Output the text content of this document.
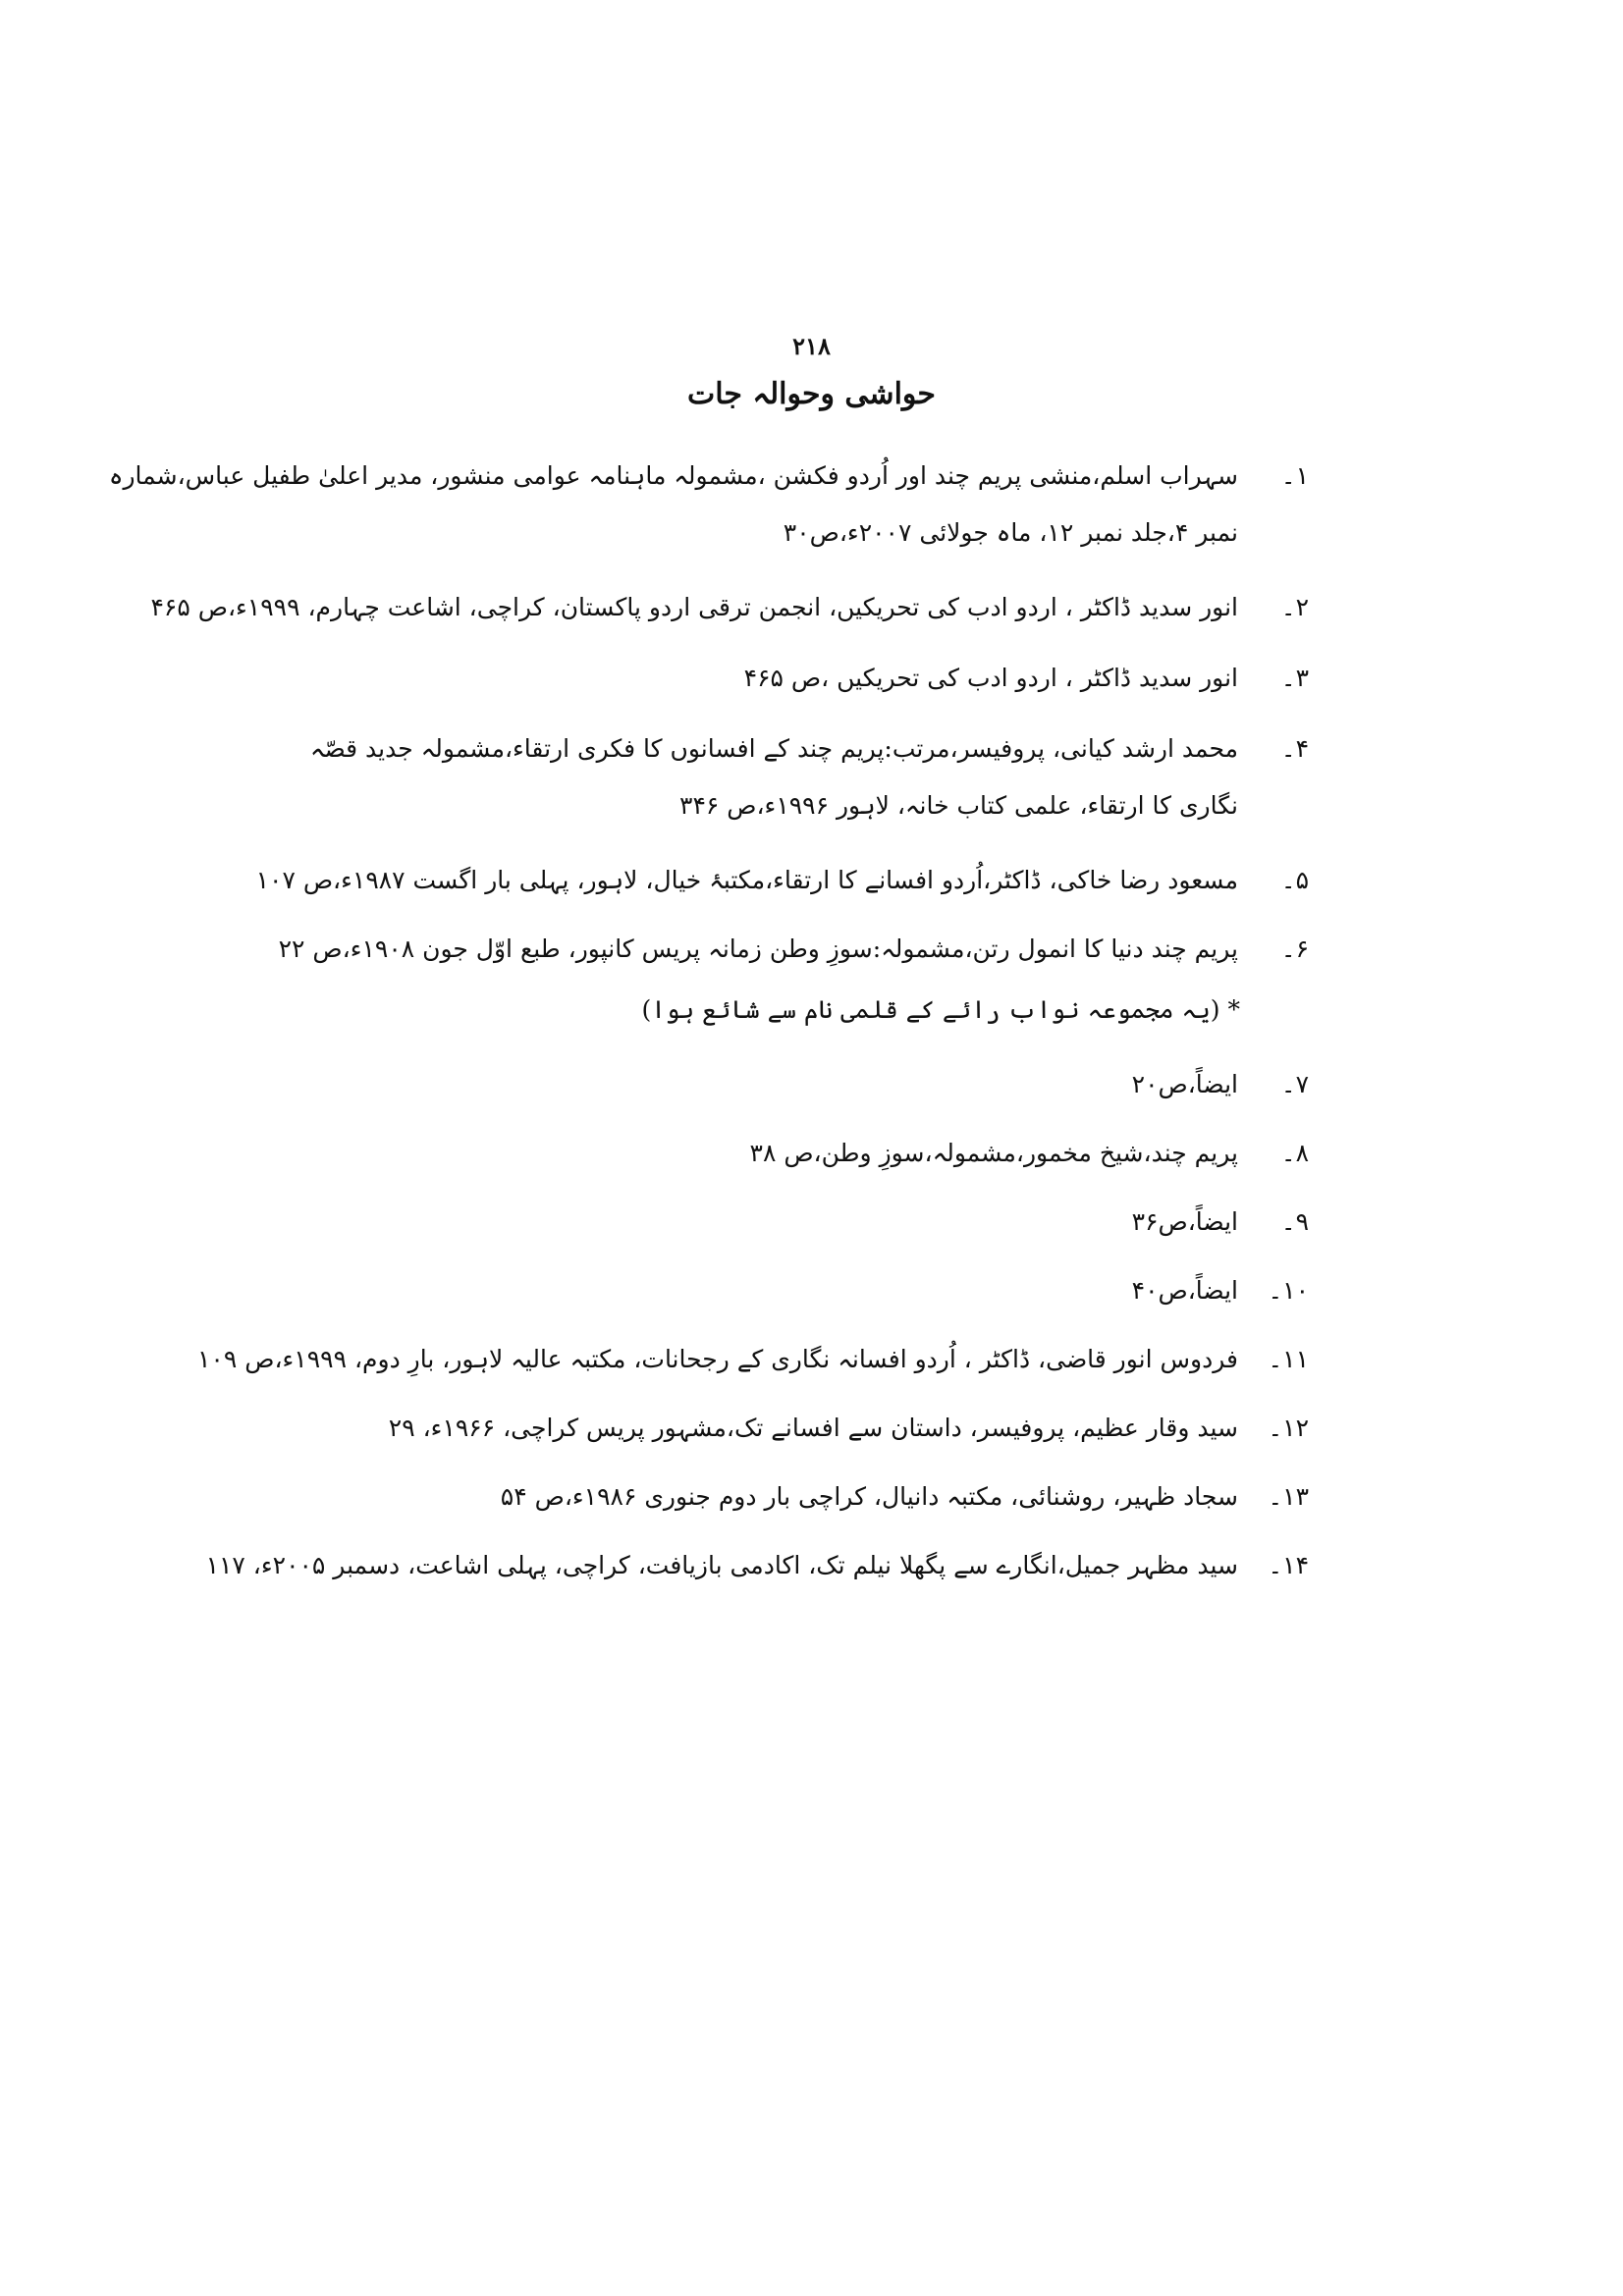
۲۱۸
حواشی وحوالہ جات
۱۔سہراب اسلم،منشی پریم چند اور اُردو فکشن ،مشمولہ ماہنامہ عوامی منشور، مدیر اعلیٰ طفیل عباس،شمارہ
نمبر ۴،جلد نمبر ۱۲، ماہ جولائی ۲۰۰۷ء،ص۳۰
۲۔انور سدید ڈاکٹر ، اردو ادب کی تحریکیں، انجمن ترقی اردو پاکستان، کراچی، اشاعت چہارم، ۱۹۹۹ء،ص ۴۶۵
۳۔انور سدید ڈاکٹر ، اردو ادب کی تحریکیں ،ص ۴۶۵
۴۔محمد ارشد کیانی، پروفیسر،مرتب:پریم چند کے افسانوں کا فکری ارتقاء،مشمولہ جدید قصّہ
نگاری کا ارتقاء، علمی کتاب خانہ، لاہور ۱۹۹۶ء،ص ۳۴۶
۵۔مسعود رضا خاکی، ڈاکٹر،اُردو افسانے کا ارتقاء،مکتبۂ خیال، لاہور، پہلی بار اگست ۱۹۸۷ء،ص ۱۰۷
۶۔پریم چند دنیا کا انمول رتن،مشمولہ:سوزِ وطن زمانہ پریس کانپور، طبع اوّل جون ۱۹۰۸ء،ص ۲۲
* (یہ مجموعہ نواب رائے کے قلمی نام سے شائع ہوا)
۷۔ایضاً،ص۲۰
۸۔پریم چند،شیخ مخمور،مشمولہ،سوزِ وطن،ص ۳۸
۹۔ایضاً،ص۳۶
۱۰۔ایضاً،ص۴۰
۱۱۔فردوس انور قاضی، ڈاکٹر ، اُردو افسانہ نگاری کے رجحانات، مکتبہ عالیہ لاہور، بارِ دوم، ۱۹۹۹ء،ص ۱۰۹
۱۲۔سید وقار عظیم، پروفیسر، داستان سے افسانے تک،مشہور پریس کراچی، ۱۹۶۶ء، ۲۹
۱۳۔سجاد ظہیر، روشنائی، مکتبہ دانیال، کراچی بار دوم جنوری ۱۹۸۶ء،ص ۵۴
۱۴۔سید مظہر جمیل،انگارے سے پگھلا نیلم تک، اکادمی بازیافت، کراچی، پہلی اشاعت، دسمبر ۲۰۰۵ء، ۱۱۷
